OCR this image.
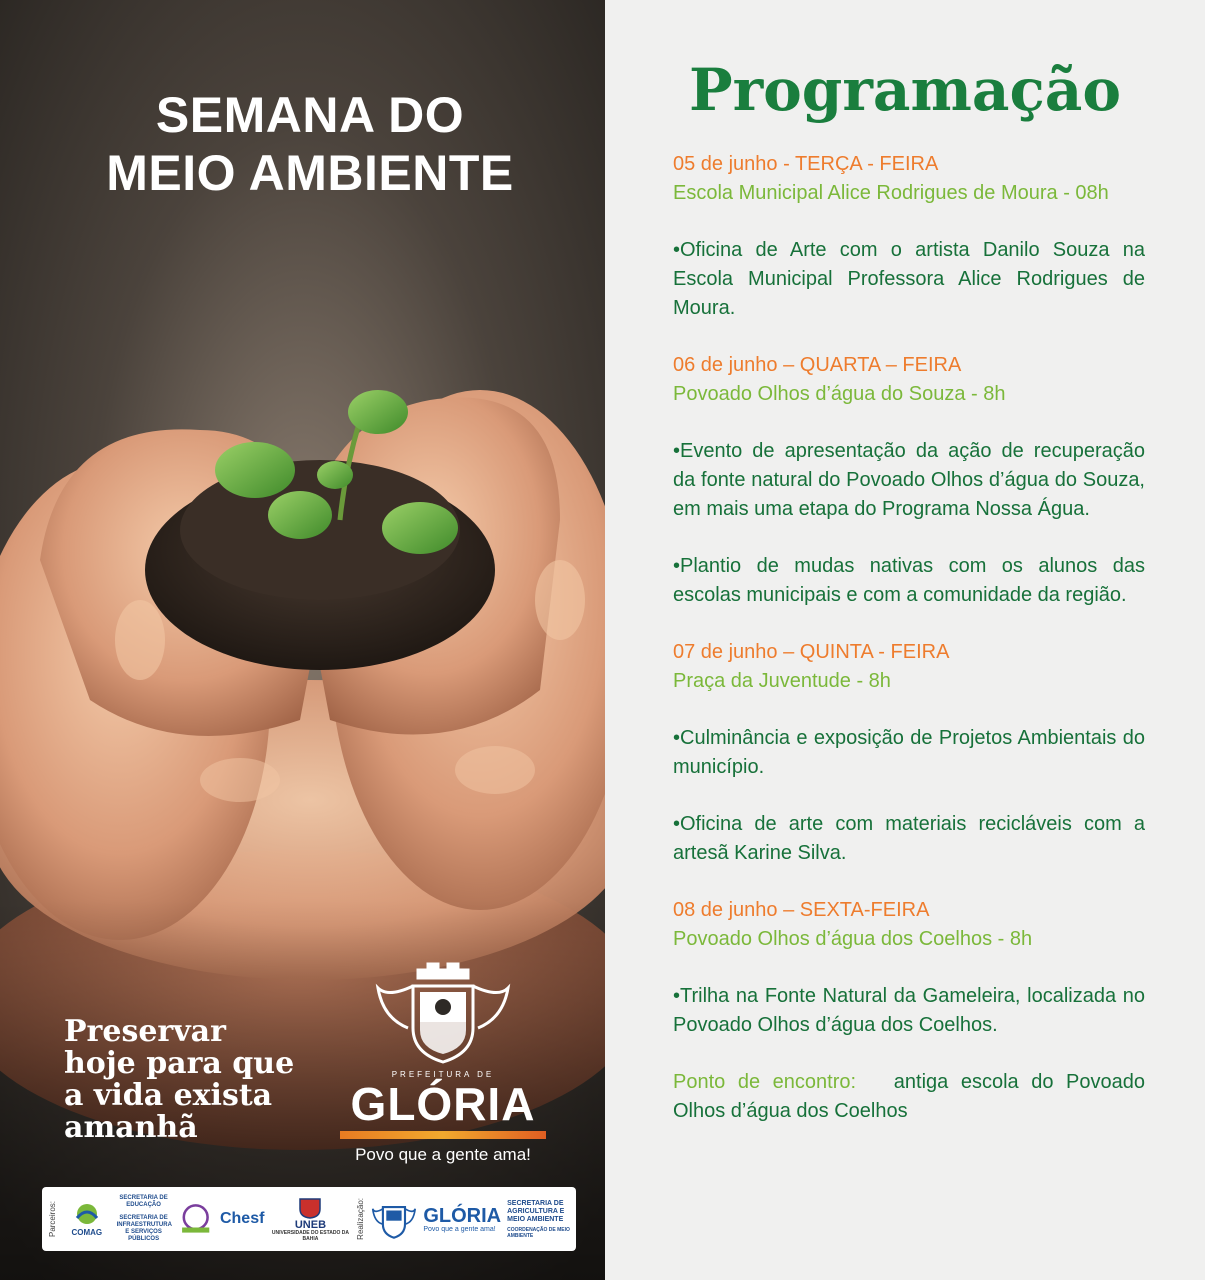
SEMANA DO
MEIO AMBIENTE
Preservar
hoje para que
a vida exista
amanhã
PREFEITURA DE
GLÓRIA
Povo que a gente ama!
Parceiros:	COMAG
SECRETARIA DE EDUCAÇÃO
SECRETARIA DE INFRAESTRUTURA E SERVIÇOS PÚBLICOS
Chesf	UNEB
UNIVERSIDADE DO ESTADO DA BAHIA	Realização:	GLÓRIA
Povo que a gente ama!
SECRETARIA DE AGRICULTURA E MEIO AMBIENTE
COORDENAÇÃO DE MEIO AMBIENTE
Programação
05 de junho - TERÇA - FEIRA
Escola Municipal Alice Rodrigues de Moura - 08h
•Oficina de Arte com o artista Danilo Souza na Escola Municipal Professora Alice Rodrigues de Moura.
06 de junho – QUARTA – FEIRA
Povoado Olhos d’água do Souza - 8h
•Evento de apresentação da ação de recuperação da fonte natural do Povoado Olhos d’água do Souza, em mais uma etapa do Programa Nossa Água.
•Plantio de mudas nativas com os alunos das escolas municipais e com a comunidade da região.
07 de junho – QUINTA - FEIRA
Praça da Juventude - 8h
•Culminância e exposição de Projetos Ambientais do município.
•Oficina de arte com materiais recicláveis com a artesã Karine Silva.
08 de junho – SEXTA-FEIRA
Povoado Olhos d’água dos Coelhos - 8h
•Trilha na Fonte Natural da Gameleira, localizada no Povoado Olhos d’água dos Coelhos.
Ponto de encontro:   antiga escola do Povoado Olhos d’água dos Coelhos
